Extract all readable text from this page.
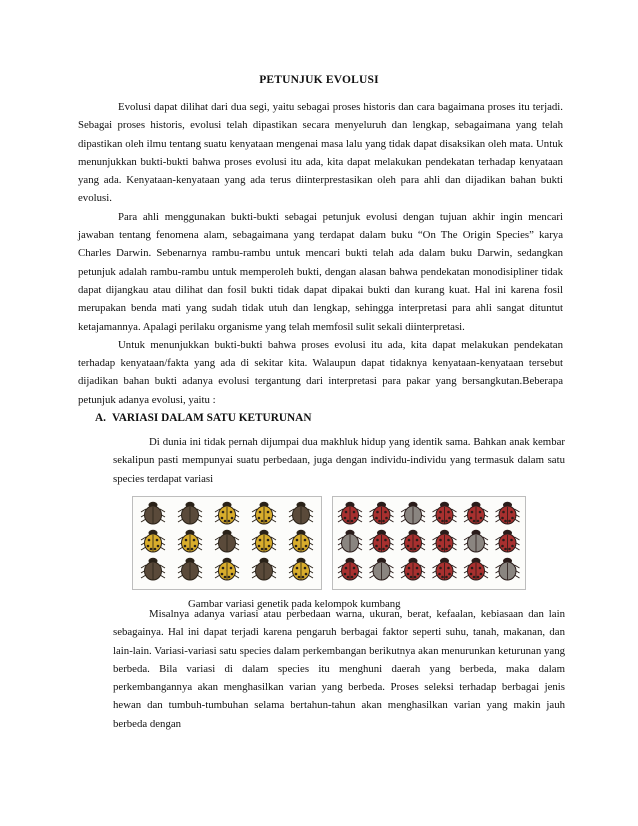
PETUNJUK EVOLUSI

Evolusi dapat dilihat dari dua segi, yaitu sebagai proses historis dan cara bagaimana proses itu terjadi. Sebagai proses historis, evolusi telah dipastikan secara menyeluruh dan lengkap, sebagaimana yang telah dipastikan oleh ilmu tentang suatu kenyataan mengenai masa lalu yang tidak dapat disaksikan oleh mata. Untuk menunjukkan bukti-bukti bahwa proses evolusi itu ada, kita dapat melakukan pendekatan terhadap kenyataan yang ada. Kenyataan-kenyataan yang ada terus diinterprestasikan oleh para ahli dan dijadikan bahan bukti evolusi.

Para ahli menggunakan bukti-bukti sebagai petunjuk evolusi dengan tujuan akhir ingin mencari jawaban tentang fenomena alam, sebagaimana yang terdapat dalam buku “On The Origin Species” karya Charles Darwin. Sebenarnya rambu-rambu untuk mencari bukti telah ada dalam buku Darwin, sedangkan petunjuk adalah rambu-rambu untuk memperoleh bukti, dengan alasan bahwa pendekatan monodisipliner tidak dapat dijangkau atau dilihat dan fosil bukti tidak dapat dipakai bukti dan kurang kuat. Hal ini karena fosil merupakan benda mati yang sudah tidak utuh dan lengkap, sehingga interpretasi para ahli sangat dituntut ketajamannya. Apalagi perilaku organisme yang telah memfosil sulit sekali diinterpretasi.

Untuk menunjukkan bukti-bukti bahwa proses evolusi itu ada, kita dapat melakukan pendekatan terhadap kenyataan/fakta yang ada di sekitar kita. Walaupun dapat tidaknya kenyataan-kenyataan tersebut dijadikan bahan bukti adanya evolusi tergantung dari interpretasi para pakar yang bersangkutan.Beberapa petunjuk adanya evolusi, yaitu :

A. VARIASI DALAM SATU KETURUNAN

Di dunia ini tidak pernah dijumpai dua makhluk hidup yang identik sama. Bahkan anak kembar sekalipun pasti mempunyai suatu perbedaan, juga dengan individu-individu yang termasuk dalam satu species terdapat variasi

Gambar variasi genetik pada kelompok kumbang

Misalnya adanya variasi atau perbedaan warna, ukuran, berat, kefaalan, kebiasaan dan lain sebagainya. Hal ini dapat terjadi karena pengaruh berbagai faktor seperti suhu, tanah, makanan, dan lain-lain. Variasi-variasi satu species dalam perkembangan berikutnya akan menurunkan keturunan yang berbeda. Bila variasi di dalam species itu menghuni daerah yang berbeda, maka dalam perkembangannya akan menghasilkan varian yang berbeda. Proses seleksi terhadap berbagai jenis hewan dan tumbuh-tumbuhan selama bertahun-tahun akan menghasilkan varian yang makin jauh berbeda dengan
